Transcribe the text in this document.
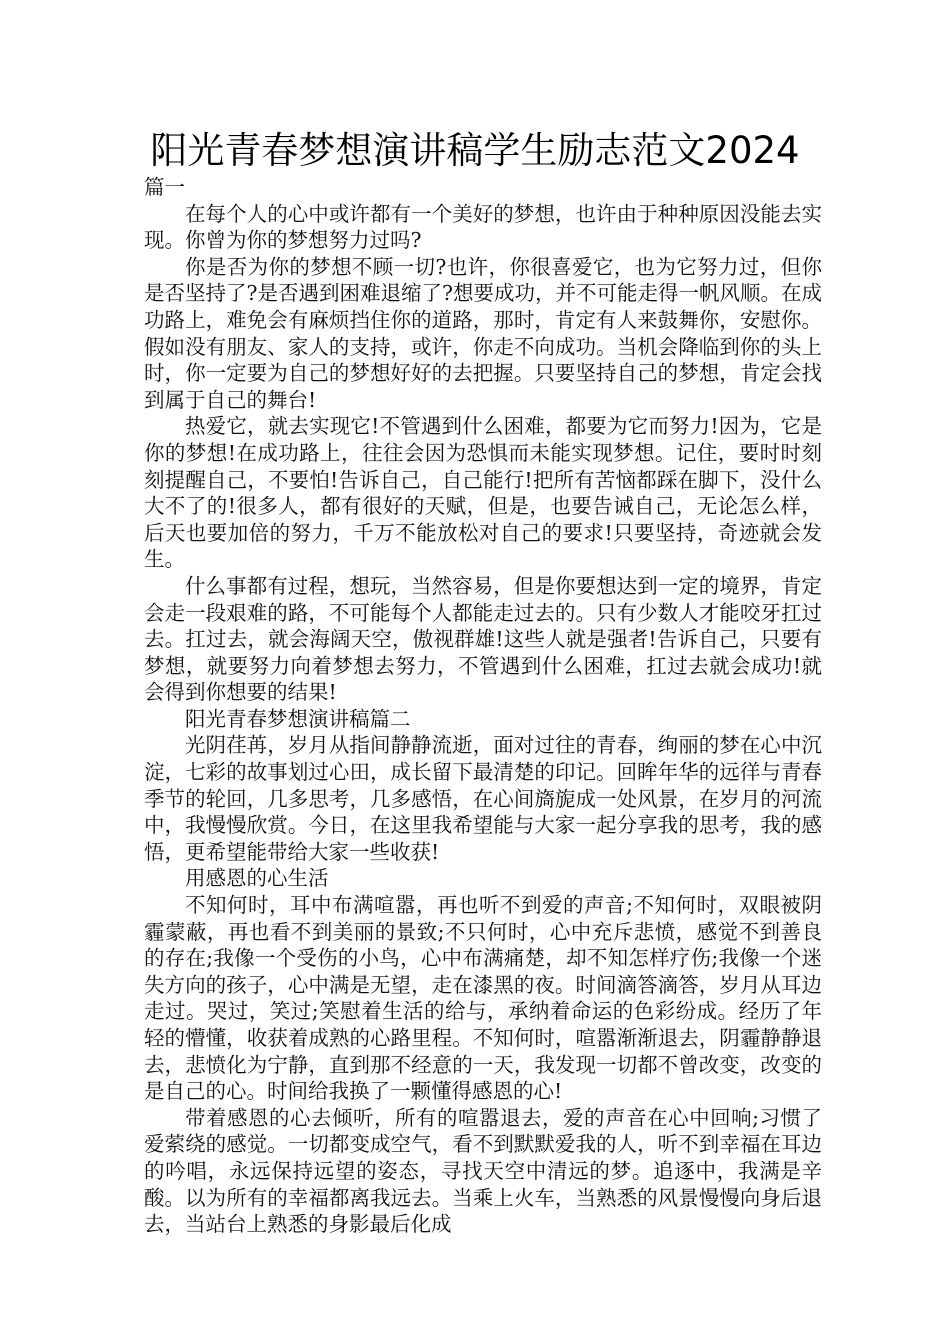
阳光青春梦想演讲稿学生励志范文2024

篇一

在每个人的心中或许都有一个美好的梦想，也许由于种种原因没能去实现。你曾为你的梦想努力过吗?

你是否为你的梦想不顾一切?也许，你很喜爱它，也为它努力过，但你是否坚持了?是否遇到困难退缩了?想要成功，并不可能走得一帆风顺。在成功路上，难免会有麻烦挡住你的道路，那时，肯定有人来鼓舞你，安慰你。假如没有朋友、家人的支持，或许，你走不向成功。当机会降临到你的头上时，你一定要为自己的梦想好好的去把握。只要坚持自己的梦想，肯定会找到属于自己的舞台!

热爱它，就去实现它!不管遇到什么困难，都要为它而努力!因为，它是你的梦想!在成功路上，往往会因为恐惧而未能实现梦想。记住，要时时刻刻提醒自己，不要怕!告诉自己，自己能行!把所有苦恼都踩在脚下，没什么大不了的!很多人，都有很好的天赋，但是，也要告诫自己，无论怎么样，后天也要加倍的努力，千万不能放松对自己的要求!只要坚持，奇迹就会发生。

什么事都有过程，想玩，当然容易，但是你要想达到一定的境界，肯定会走一段艰难的路，不可能每个人都能走过去的。只有少数人才能咬牙扛过去。扛过去，就会海阔天空，傲视群雄!这些人就是强者!告诉自己，只要有梦想，就要努力向着梦想去努力，不管遇到什么困难，扛过去就会成功!就会得到你想要的结果!

阳光青春梦想演讲稿篇二

光阴荏苒，岁月从指间静静流逝，面对过往的青春，绚丽的梦在心中沉淀，七彩的故事划过心田，成长留下最清楚的印记。回眸年华的远徉与青春季节的轮回，几多思考，几多感悟，在心间旖旎成一处风景，在岁月的河流中，我慢慢欣赏。今日，在这里我希望能与大家一起分享我的思考，我的感悟，更希望能带给大家一些收获!

用感恩的心生活

不知何时，耳中布满喧嚣，再也听不到爱的声音;不知何时，双眼被阴霾蒙蔽，再也看不到美丽的景致;不只何时，心中充斥悲愤，感觉不到善良的存在;我像一个受伤的小鸟，心中布满痛楚，却不知怎样疗伤;我像一个迷失方向的孩子，心中满是无望，走在漆黑的夜。时间滴答滴答，岁月从耳边走过。哭过，笑过;笑慰着生活的给与，承纳着命运的色彩纷成。经历了年轻的懵懂，收获着成熟的心路里程。不知何时，喧嚣渐渐退去，阴霾静静退去，悲愤化为宁静，直到那不经意的一天，我发现一切都不曾改变，改变的是自己的心。时间给我换了一颗懂得感恩的心!

带着感恩的心去倾听，所有的喧嚣退去，爱的声音在心中回响;习惯了爱萦绕的感觉。一切都变成空气，看不到默默爱我的人，听不到幸福在耳边的吟唱，永远保持远望的姿态，寻找天空中清远的梦。追逐中，我满是辛酸。以为所有的幸福都离我远去。当乘上火车，当熟悉的风景慢慢向身后退去，当站台上熟悉的身影最后化成
